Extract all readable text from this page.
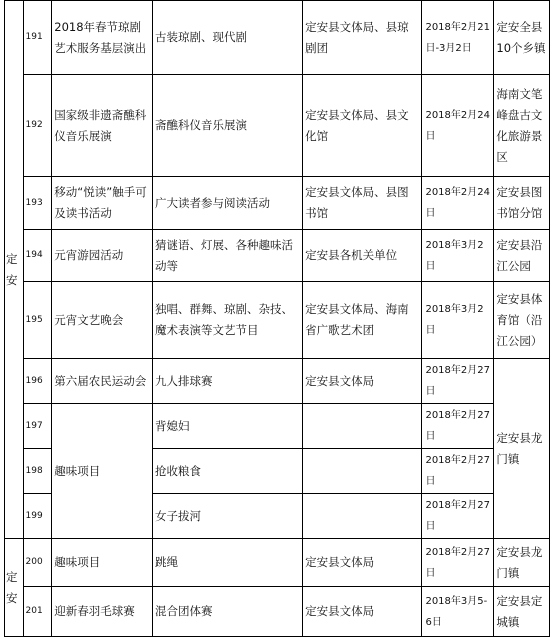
定安	191	2018年春节琼剧艺术服务基层演出	古装琼剧、现代剧	定安县文体局、县琼剧团	2018年2月21日-3月2日	定安全县10个乡镇
	192	国家级非遗斋醮科仪音乐展演	斋醮科仪音乐展演	定安县文体局、县文化馆	2018年2月24日	海南文笔峰盘古文化旅游景区
	193	移动“悦读”触手可及读书活动	广大读者参与阅读活动	定安县文体局、县图书馆	2018年2月24日	定安县图书馆分馆
	194	元宵游园活动	猜谜语、灯展、各种趣味活动等	定安县各机关单位	2018年3月2日	定安县沿江公园
	195	元宵文艺晚会	独唱、群舞、琼剧、杂技、魔术表演等文艺节目	定安县文体局、海南省广歌艺术团	2018年3月2日	定安县体育馆（沿江公园）
	196	第六届农民运动会	九人排球赛	定安县文体局	2018年2月27日	定安县龙门镇
	197	趣味项目	背媳妇		2018年2月27日	
	198		抢收粮食		2018年2月27日	
	199		女子拔河		2018年2月27日	
定安	200	趣味项目	跳绳	定安县文体局	2018年2月27日	定安县龙门镇
	201	迎新春羽毛球赛	混合团体赛	定安县文体局	2018年3月5-6日	定安县定城镇
